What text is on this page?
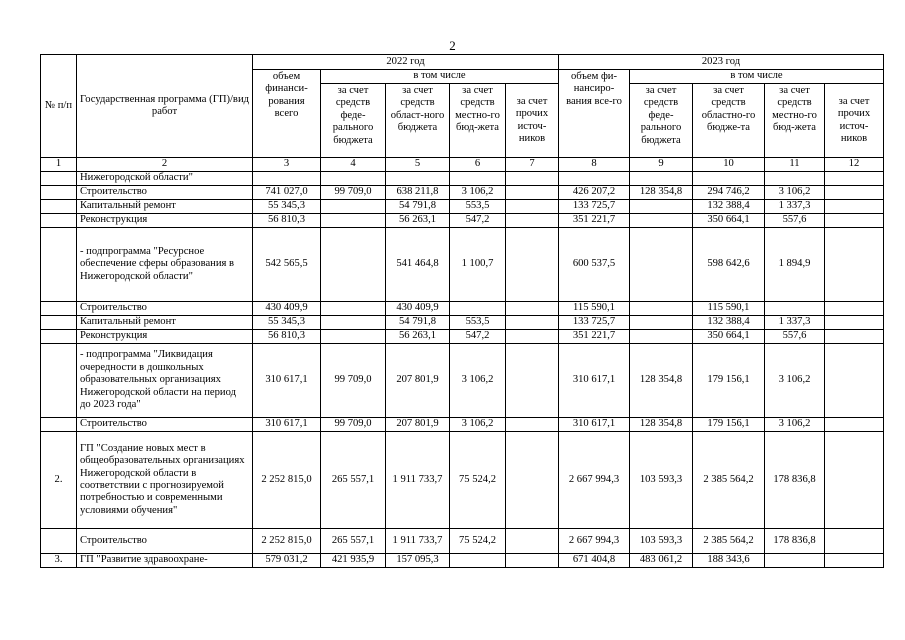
2
№ п/п	Государственная программа (ГП)/вид работ	2022 год					2023 год				
		объем финанси-рования всего	в том числе				объем фи-нансиро-вания все-го	в том числе			
			за счет средств феде-рального бюджета	за счет средств област-ного бюджета	за счет средств местно-го бюд-жета	за счет прочих источ-ников		за счет средств феде-рального бюджета	за счет средств областно-го бюдже-та	за счет средств местно-го бюд-жета	за счет прочих источ-ников
1	2	3	4	5	6	7	8	9	10	11	12
	Нижегородской области"										
	Строительство	741 027,0	99 709,0	638 211,8	3 106,2		426 207,2	128 354,8	294 746,2	3 106,2	
	Капитальный ремонт	55 345,3		54 791,8	553,5		133 725,7		132 388,4	1 337,3	
	Реконструкция	56 810,3		56 263,1	547,2		351 221,7		350 664,1	557,6	
	- подпрограмма "Ресурсное обеспечение сферы образования в Нижегородской области"	542 565,5		541 464,8	1 100,7		600 537,5		598 642,6	1 894,9	
	Строительство	430 409,9		430 409,9			115 590,1		115 590,1		
	Капитальный ремонт	55 345,3		54 791,8	553,5		133 725,7		132 388,4	1 337,3	
	Реконструкция	56 810,3		56 263,1	547,2		351 221,7		350 664,1	557,6	
	- подпрограмма "Ликвидация очередности в дошкольных образовательных организациях Нижегородской области на период до 2023 года"	310 617,1	99 709,0	207 801,9	3 106,2		310 617,1	128 354,8	179 156,1	3 106,2	
	Строительство	310 617,1	99 709,0	207 801,9	3 106,2		310 617,1	128 354,8	179 156,1	3 106,2	
2.	ГП "Создание новых мест в общеобразовательных организациях Нижегородской области в соответствии с прогнозируемой потребностью и современными условиями обучения"	2 252 815,0	265 557,1	1 911 733,7	75 524,2		2 667 994,3	103 593,3	2 385 564,2	178 836,8	
	Строительство	2 252 815,0	265 557,1	1 911 733,7	75 524,2		2 667 994,3	103 593,3	2 385 564,2	178 836,8	
3.	ГП "Развитие здравоохране-	579 031,2	421 935,9	157 095,3			671 404,8	483 061,2	188 343,6		
